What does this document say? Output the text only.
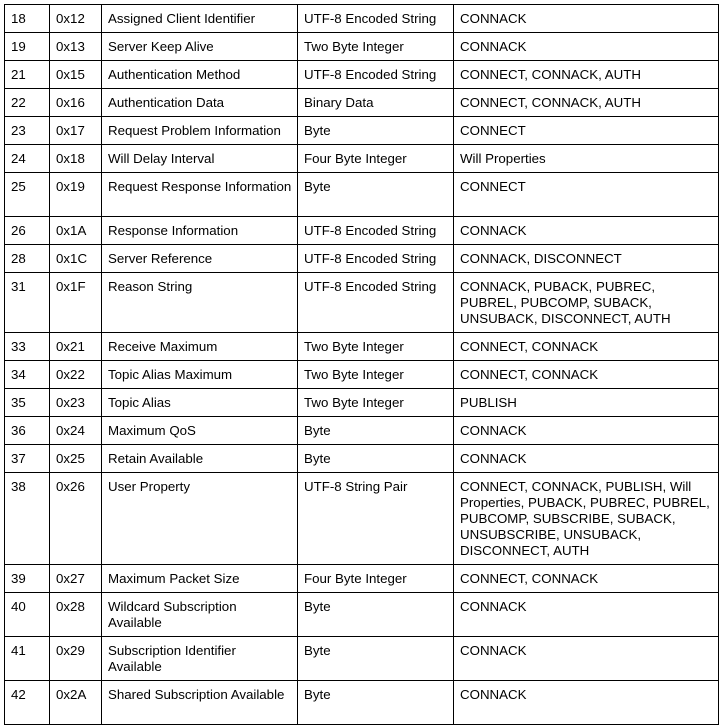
18	0x12	Assigned Client Identifier	UTF-8 Encoded String	CONNACK
19	0x13	Server Keep Alive	Two Byte Integer	CONNACK
21	0x15	Authentication Method	UTF-8 Encoded String	CONNECT, CONNACK, AUTH
22	0x16	Authentication Data	Binary Data	CONNECT, CONNACK, AUTH
23	0x17	Request Problem Information	Byte	CONNECT
24	0x18	Will Delay Interval	Four Byte Integer	Will Properties
25	0x19	Request Response Information	Byte	CONNECT
26	0x1A	Response Information	UTF-8 Encoded String	CONNACK
28	0x1C	Server Reference	UTF-8 Encoded String	CONNACK, DISCONNECT
31	0x1F	Reason String	UTF-8 Encoded String	CONNACK, PUBACK, PUBREC, PUBREL, PUBCOMP, SUBACK, UNSUBACK, DISCONNECT, AUTH
33	0x21	Receive Maximum	Two Byte Integer	CONNECT, CONNACK
34	0x22	Topic Alias Maximum	Two Byte Integer	CONNECT, CONNACK
35	0x23	Topic Alias	Two Byte Integer	PUBLISH
36	0x24	Maximum QoS	Byte	CONNACK
37	0x25	Retain Available	Byte	CONNACK
38	0x26	User Property	UTF-8 String Pair	CONNECT, CONNACK, PUBLISH, Will Properties, PUBACK, PUBREC, PUBREL, PUBCOMP, SUBSCRIBE, SUBACK, UNSUBSCRIBE, UNSUBACK, DISCONNECT, AUTH
39	0x27	Maximum Packet Size	Four Byte Integer	CONNECT, CONNACK
40	0x28	Wildcard Subscription Available	Byte	CONNACK
41	0x29	Subscription Identifier Available	Byte	CONNACK
42	0x2A	Shared Subscription Available	Byte	CONNACK
